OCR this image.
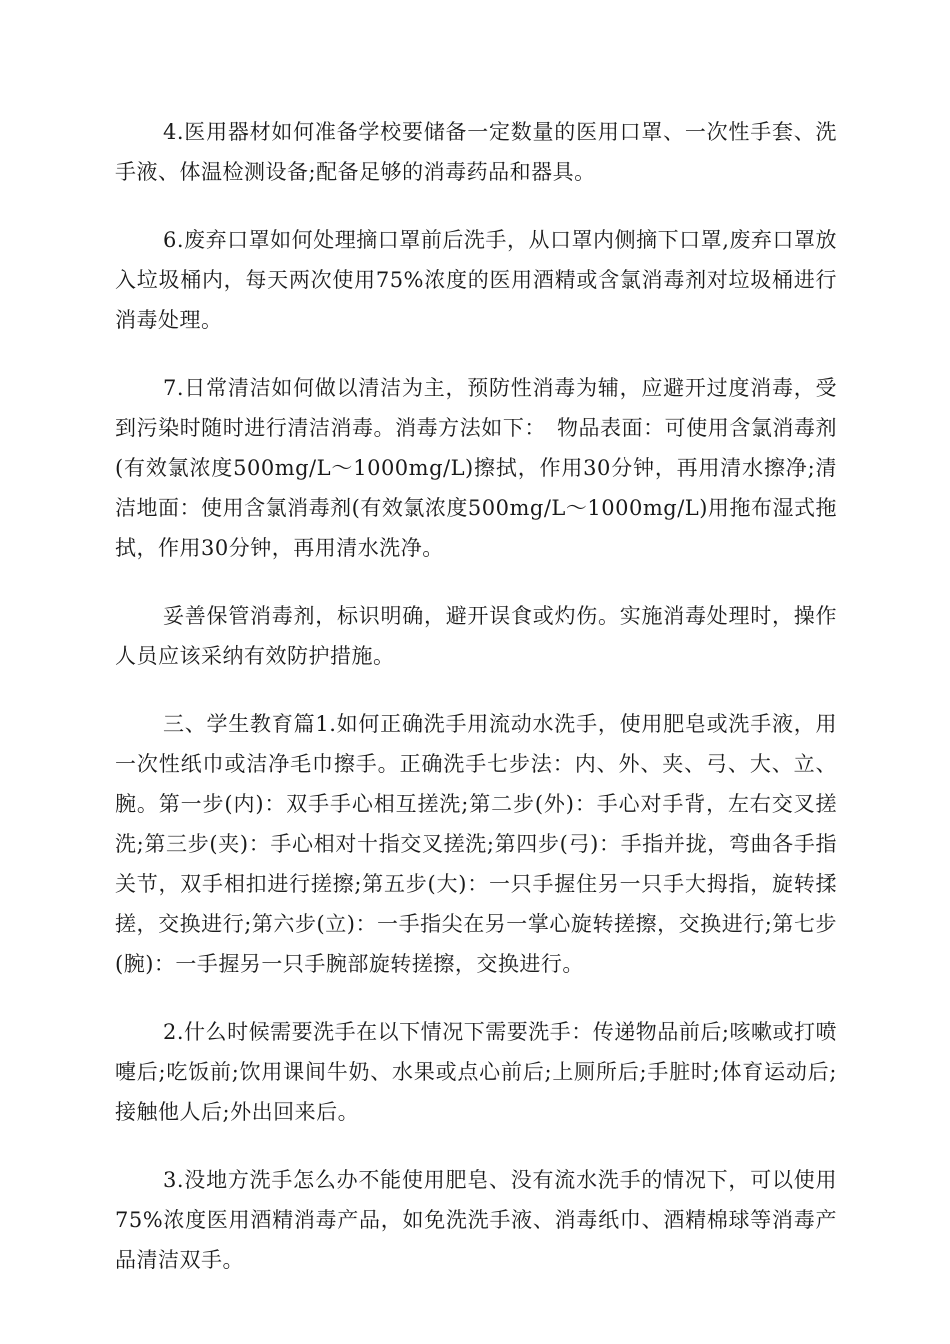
4.医用器材如何准备学校要储备一定数量的医用口罩、一次性手套、洗手液、体温检测设备;配备足够的消毒药品和器具。

6.废弃口罩如何处理摘口罩前后洗手，从口罩内侧摘下口罩,废弃口罩放入垃圾桶内，每天两次使用75%浓度的医用酒精或含氯消毒剂对垃圾桶进行消毒处理。

7.日常清洁如何做以清洁为主，预防性消毒为辅，应避开过度消毒，受到污染时随时进行清洁消毒。消毒方法如下：　物品表面：可使用含氯消毒剂(有效氯浓度500mg/L～1000mg/L)擦拭，作用30分钟，再用清水擦净;清洁地面：使用含氯消毒剂(有效氯浓度500mg/L～1000mg/L)用拖布湿式拖拭，作用30分钟，再用清水洗净。

妥善保管消毒剂，标识明确，避开误食或灼伤。实施消毒处理时，操作人员应该采纳有效防护措施。

三、学生教育篇1.如何正确洗手用流动水洗手，使用肥皂或洗手液，用一次性纸巾或洁净毛巾擦手。正确洗手七步法：内、外、夹、弓、大、立、腕。第一步(内)：双手手心相互搓洗;第二步(外)：手心对手背，左右交叉搓洗;第三步(夹)：手心相对十指交叉搓洗;第四步(弓)：手指并拢，弯曲各手指关节，双手相扣进行搓擦;第五步(大)：一只手握住另一只手大拇指，旋转揉搓，交换进行;第六步(立)：一手指尖在另一掌心旋转搓擦，交换进行;第七步(腕)：一手握另一只手腕部旋转搓擦，交换进行。

2.什么时候需要洗手在以下情况下需要洗手：传递物品前后;咳嗽或打喷嚏后;吃饭前;饮用课间牛奶、水果或点心前后;上厕所后;手脏时;体育运动后;接触他人后;外出回来后。

3.没地方洗手怎么办不能使用肥皂、没有流水洗手的情况下，可以使用75%浓度医用酒精消毒产品，如免洗洗手液、消毒纸巾、酒精棉球等消毒产品清洁双手。
